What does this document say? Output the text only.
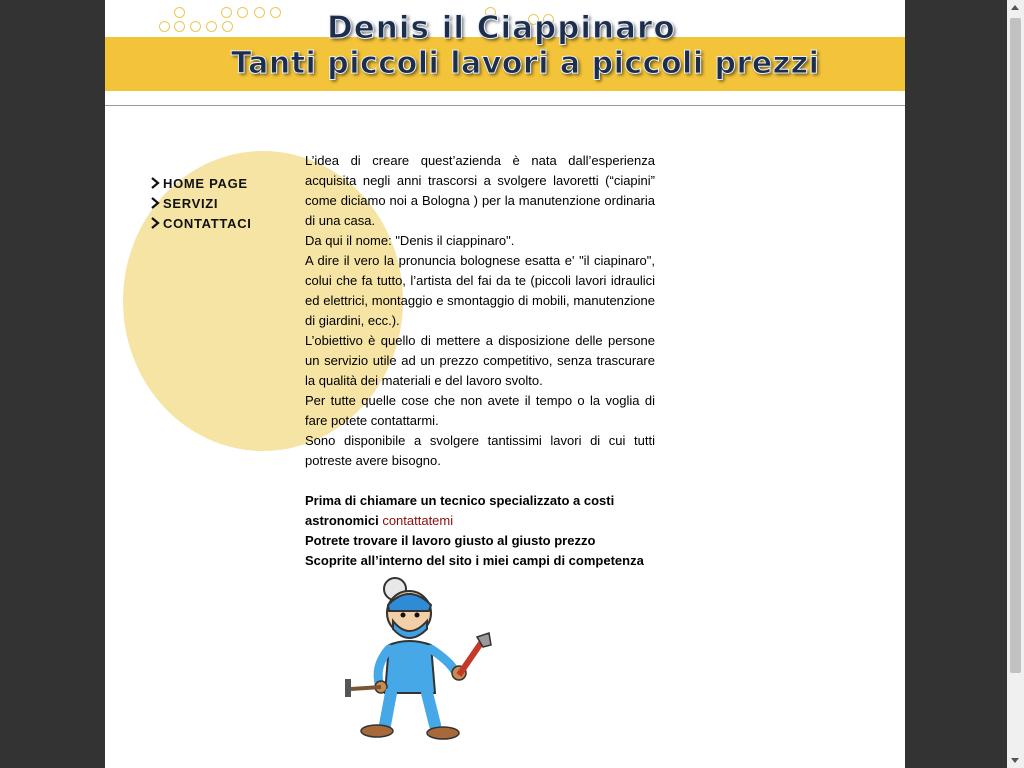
Denis il Ciappinaro
Tanti piccoli lavori a piccoli prezzi
HOME PAGE
SERVIZI
CONTATTACI

L’idea di creare quest’azienda è nata dall’esperienza acquisita negli anni trascorsi a svolgere lavoretti (“ciapini” come diciamo noi a Bologna ) per la manutenzione ordinaria di una casa.

Da qui il nome: "Denis il ciappinaro".

A dire il vero la pronuncia bolognese esatta e' "il ciapinaro", colui che fa tutto, l’artista del fai da te (piccoli lavori idraulici ed elettrici, montaggio e smontaggio di mobili, manutenzione di giardini, ecc.).

L’obiettivo è quello di mettere a disposizione delle persone un servizio utile ad un prezzo competitivo, senza trascurare la qualità dei materiali e del lavoro svolto.

Per tutte quelle cose che non avete il tempo o la voglia di fare potete contattarmi.

Sono disponibile a svolgere tantissimi lavori di cui tutti potreste avere bisogno.

Prima di chiamare un tecnico specializzato a costi astronomici contattatemi

Potrete trovare il lavoro giusto al giusto prezzo

Scoprite all’interno del sito i miei campi di competenza
